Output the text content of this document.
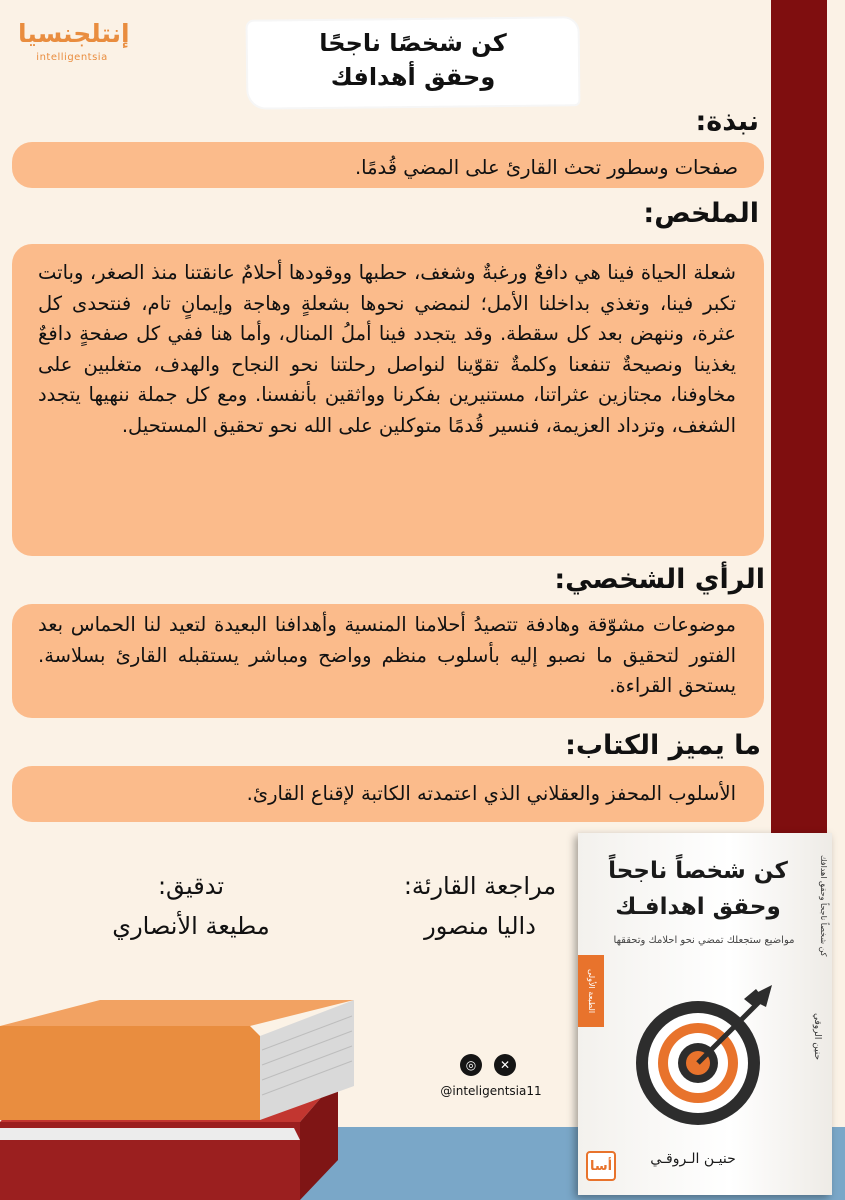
إنتلجنسيا
intelligentsia
كن شخصًا ناجحًا
وحقق أهدافك
نبذة:
صفحات وسطور تحث القارئ على المضي قُدمًا.
الملخص:
شعلة الحياة فينا هي دافعٌ ورغبةٌ وشغف، حطبها ووقودها أحلامٌ عانقتنا منذ الصغر، وباتت تكبر فينا، وتغذي بداخلنا الأمل؛ لنمضي نحوها بشعلةٍ وهاجة وإيمانٍ تام، فنتحدى كل عثرة، وننهض بعد كل سقطة. وقد يتجدد فينا أملُ المنال، وأما هنا ففي كل صفحةٍ دافعٌ يغذينا ونصيحةٌ تنفعنا وكلمةٌ تقوّينا لنواصل رحلتنا نحو النجاح والهدف، متغلبين على مخاوفنا، مجتازين عثراتنا، مستنيرين بفكرنا وواثقين بأنفسنا. ومع كل جملة ننهيها يتجدد الشغف، وتزداد العزيمة، فنسير قُدمًا متوكلين على الله نحو تحقيق المستحيل.
الرأي الشخصي:
موضوعات مشوّقة وهادفة تتصيدُ أحلامنا المنسية وأهدافنا البعيدة لتعيد لنا الحماس بعد الفتور لتحقيق ما نصبو إليه بأسلوب منظم وواضح ومباشر يستقبله القارئ بسلاسة. يستحق القراءة.
ما يميز الكتاب:
الأسلوب المحفز والعقلاني الذي اعتمدته الكاتبة لإقناع القارئ.
مراجعة القارئة:
داليا منصور
تدقيق:
مطيعة الأنصاري
◎	✕
@inteligentsia11
كن شخصاً ناجحاً وحقق اهدافك
كن شخصاً ناجحاً
وحقق اهدافـك
مواضيع ستجعلك تمضي نحو احلامك وتحققها
الطبعة الأولى
حنين الروقي
حنيـن الـروقـي
أسا
